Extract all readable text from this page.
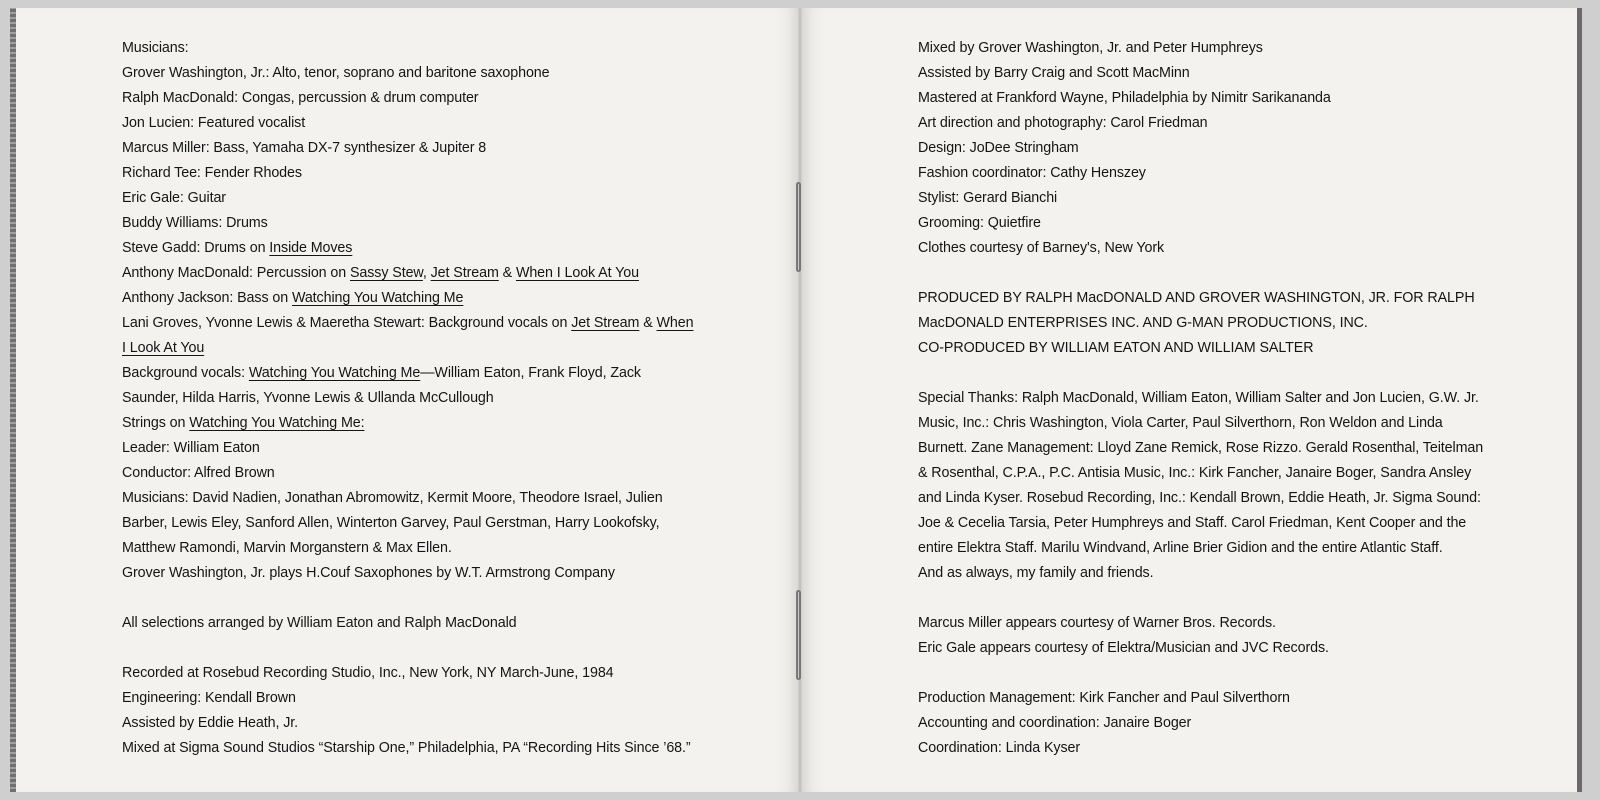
Musicians:
Grover Washington, Jr.: Alto, tenor, soprano and baritone saxophone
Ralph MacDonald: Congas, percussion & drum computer
Jon Lucien: Featured vocalist
Marcus Miller: Bass, Yamaha DX-7 synthesizer & Jupiter 8
Richard Tee: Fender Rhodes
Eric Gale: Guitar
Buddy Williams: Drums
Steve Gadd: Drums on Inside Moves
Anthony MacDonald: Percussion on Sassy Stew, Jet Stream & When I Look At You
Anthony Jackson: Bass on Watching You Watching Me
Lani Groves, Yvonne Lewis & Maeretha Stewart: Background vocals on Jet Stream & When
I Look At You
Background vocals: Watching You Watching Me—William Eaton, Frank Floyd, Zack
Saunder, Hilda Harris, Yvonne Lewis & Ullanda McCullough
Strings on Watching You Watching Me:
Leader: William Eaton
Conductor: Alfred Brown
Musicians: David Nadien, Jonathan Abromowitz, Kermit Moore, Theodore Israel, Julien
Barber, Lewis Eley, Sanford Allen, Winterton Garvey, Paul Gerstman, Harry Lookofsky,
Matthew Ramondi, Marvin Morganstern & Max Ellen.
Grover Washington, Jr. plays H.Couf Saxophones by W.T. Armstrong Company
All selections arranged by William Eaton and Ralph MacDonald
Recorded at Rosebud Recording Studio, Inc., New York, NY March-June, 1984
Engineering: Kendall Brown
Assisted by Eddie Heath, Jr.
Mixed at Sigma Sound Studios “Starship One,” Philadelphia, PA “Recording Hits Since ’68.”
Mixed by Grover Washington, Jr. and Peter Humphreys
Assisted by Barry Craig and Scott MacMinn
Mastered at Frankford Wayne, Philadelphia by Nimitr Sarikananda
Art direction and photography: Carol Friedman
Design: JoDee Stringham
Fashion coordinator: Cathy Henszey
Stylist: Gerard Bianchi
Grooming: Quietfire
Clothes courtesy of Barney's, New York
PRODUCED BY RALPH MacDONALD AND GROVER WASHINGTON, JR. FOR RALPH
MacDONALD ENTERPRISES INC. AND G-MAN PRODUCTIONS, INC.
CO-PRODUCED BY WILLIAM EATON AND WILLIAM SALTER
Special Thanks: Ralph MacDonald, William Eaton, William Salter and Jon Lucien, G.W. Jr.
Music, Inc.: Chris Washington, Viola Carter, Paul Silverthorn, Ron Weldon and Linda
Burnett. Zane Management: Lloyd Zane Remick, Rose Rizzo. Gerald Rosenthal, Teitelman
& Rosenthal, C.P.A., P.C. Antisia Music, Inc.: Kirk Fancher, Janaire Boger, Sandra Ansley
and Linda Kyser. Rosebud Recording, Inc.: Kendall Brown, Eddie Heath, Jr. Sigma Sound:
Joe & Cecelia Tarsia, Peter Humphreys and Staff. Carol Friedman, Kent Cooper and the
entire Elektra Staff. Marilu Windvand, Arline Brier Gidion and the entire Atlantic Staff.
And as always, my family and friends.
Marcus Miller appears courtesy of Warner Bros. Records.
Eric Gale appears courtesy of Elektra/Musician and JVC Records.
Production Management: Kirk Fancher and Paul Silverthorn
Accounting and coordination: Janaire Boger
Coordination: Linda Kyser
